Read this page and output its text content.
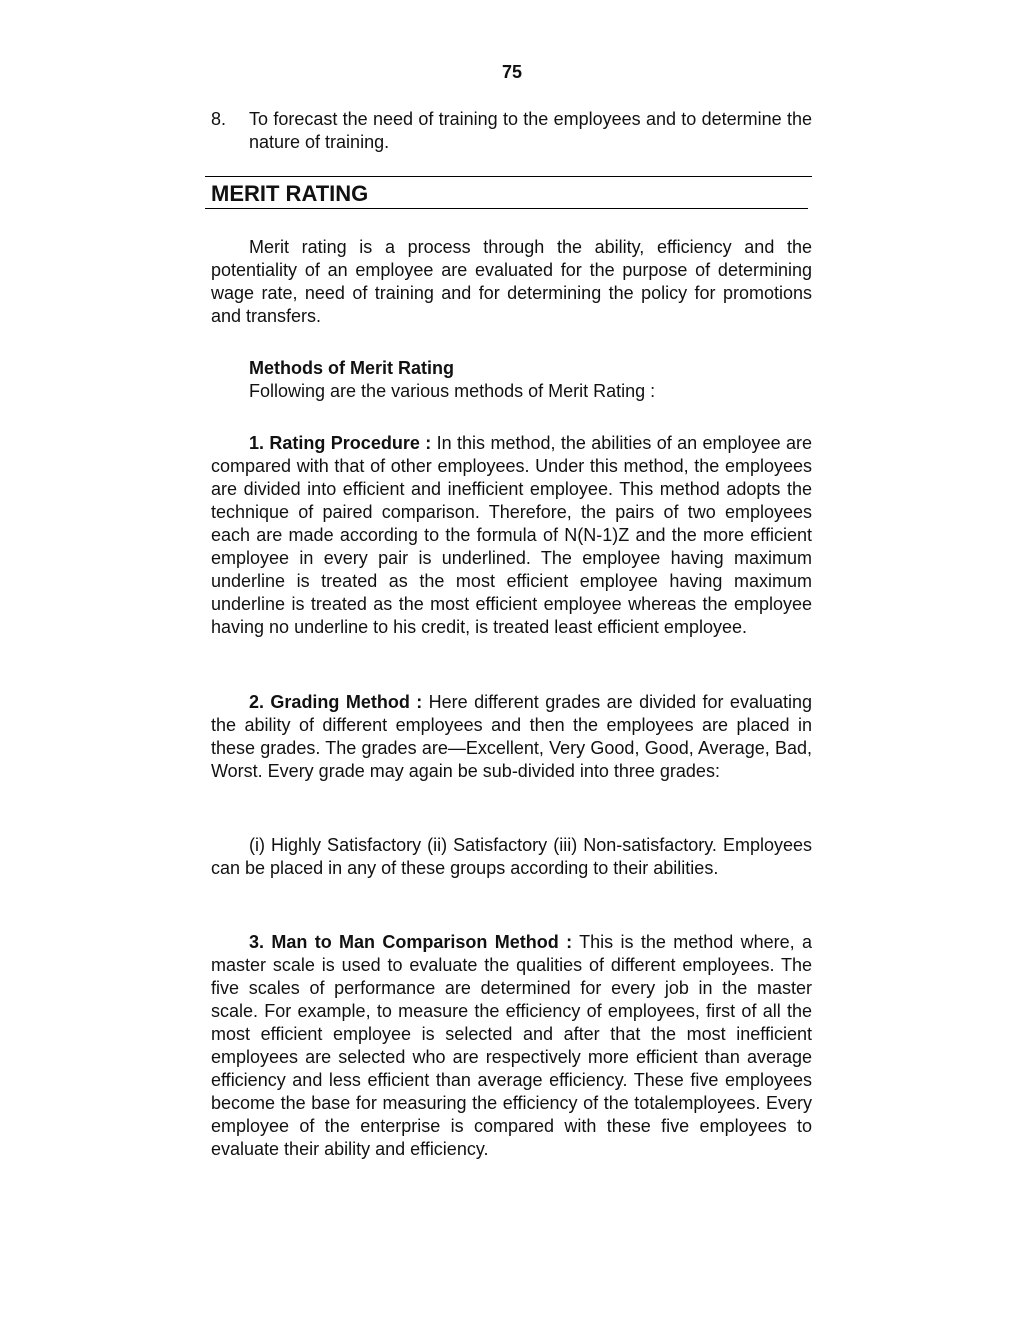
75
8. To forecast the need of training to the employees and to determine the nature of training.
MERIT RATING
Merit rating is a process through the ability, efficiency and the potentiality of an employee are evaluated for the purpose of determining wage rate, need of training and for determining the policy for promotions and transfers.
Methods of Merit Rating
Following are the various methods of Merit Rating :
1. Rating Procedure : In this method, the abilities of an employee are compared with that of other employees. Under this method, the employees are divided into efficient and inefficient employee. This method adopts the technique of paired comparison. Therefore, the pairs of two employees each are made according to the formula of N(N-1)Z and the more efficient employee in every pair is underlined. The employee having maximum underline is treated as the most efficient employee having maximum underline is treated as the most efficient employee whereas the employee having no underline to his credit, is treated least efficient employee.
2. Grading Method : Here different grades are divided for evaluating the ability of different employees and then the employees are placed in these grades. The grades are—Excellent, Very Good, Good, Average, Bad, Worst. Every grade may again be sub-divided into three grades:
(i) Highly Satisfactory (ii) Satisfactory (iii) Non-satisfactory. Employees can be placed in any of these groups according to their abilities.
3. Man to Man Comparison Method : This is the method where, a master scale is used to evaluate the qualities of different employees. The five scales of performance are determined for every job in the master scale. For example, to measure the efficiency of employees, first of all the most efficient employee is selected and after that the most inefficient employees are selected who are respectively more efficient than average efficiency and less efficient than average efficiency. These five employees become the base for measuring the efficiency of the totalemployees. Every employee of the enterprise is compared with these five employees to evaluate their ability and efficiency.
